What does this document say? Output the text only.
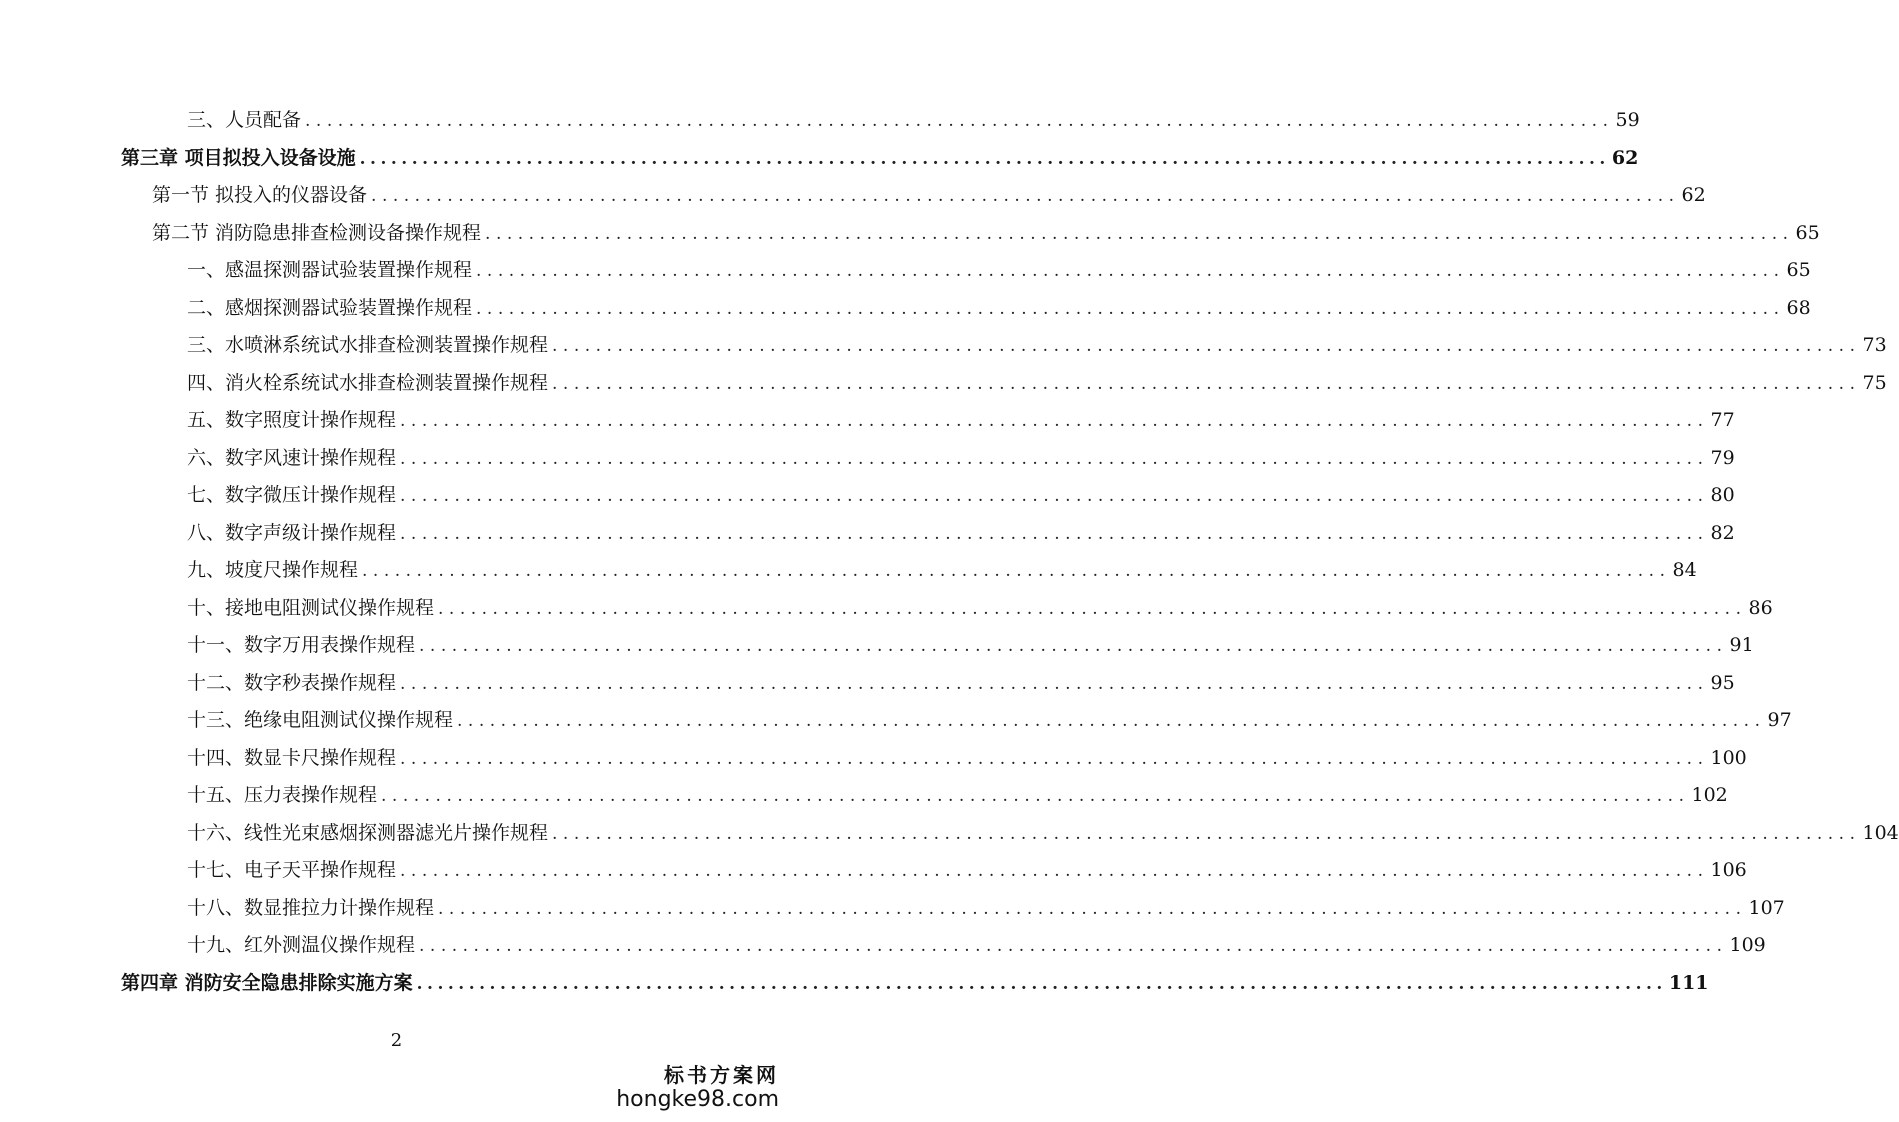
三、人员配备 ........................................................................................................................ 59
第三章 项目拟投入设备设施 ........................................................................................................................ 62
第一节 拟投入的仪器设备 ........................................................................................................................ 62
第二节 消防隐患排查检测设备操作规程 ........................................................................................................................ 65
一、感温探测器试验装置操作规程 ........................................................................................................................ 65
二、感烟探测器试验装置操作规程 ........................................................................................................................ 68
三、水喷淋系统试水排查检测装置操作规程 ........................................................................................................................ 73
四、消火栓系统试水排查检测装置操作规程 ........................................................................................................................ 75
五、数字照度计操作规程 ........................................................................................................................ 77
六、数字风速计操作规程 ........................................................................................................................ 79
七、数字微压计操作规程 ........................................................................................................................ 80
八、数字声级计操作规程 ........................................................................................................................ 82
九、坡度尺操作规程 ........................................................................................................................ 84
十、接地电阻测试仪操作规程 ........................................................................................................................ 86
十一、数字万用表操作规程 ........................................................................................................................ 91
十二、数字秒表操作规程 ........................................................................................................................ 95
十三、绝缘电阻测试仪操作规程 ........................................................................................................................ 97
十四、数显卡尺操作规程 ........................................................................................................................ 100
十五、压力表操作规程 ........................................................................................................................ 102
十六、线性光束感烟探测器滤光片操作规程 ........................................................................................................................ 104
十七、电子天平操作规程 ........................................................................................................................ 106
十八、数显推拉力计操作规程 ........................................................................................................................ 107
十九、红外测温仪操作规程 ........................................................................................................................ 109
第四章 消防安全隐患排除实施方案 ........................................................................................................................ 111
2
标书方案网
hongke98.com
